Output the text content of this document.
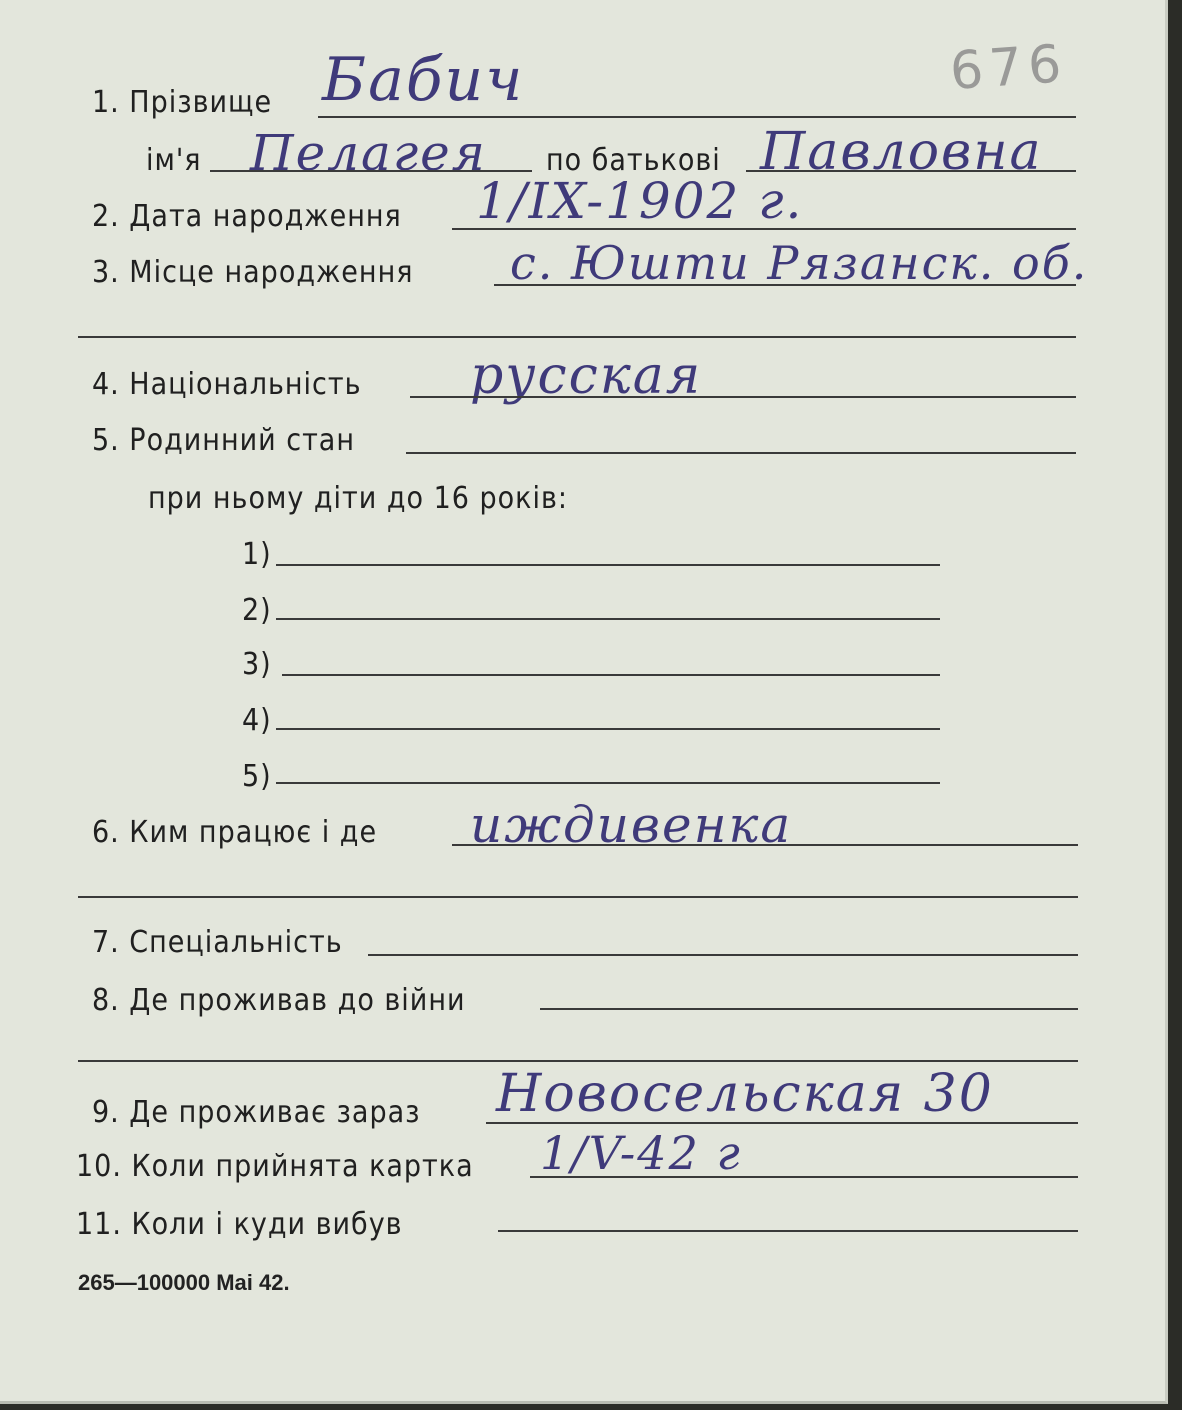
676
1. Прізвище Бабич
ім'я Пелагея по батькові Павловна
2. Дата народження 1/IX-1902 г.
3. Місце народження с. Юшти Рязанск. об.
4. Національність русская
5. Родинний стан
при ньому діти до 16 років:
1)
2)
3)
4)
5)
6. Ким працює і де иждивенка
7. Спеціальність
8. Де проживав до війни
9. Де проживає зараз Новосельская 30
10. Коли прийнята картка 1/V-42 г
11. Коли і куди вибув
265—100000 Mai 42.
